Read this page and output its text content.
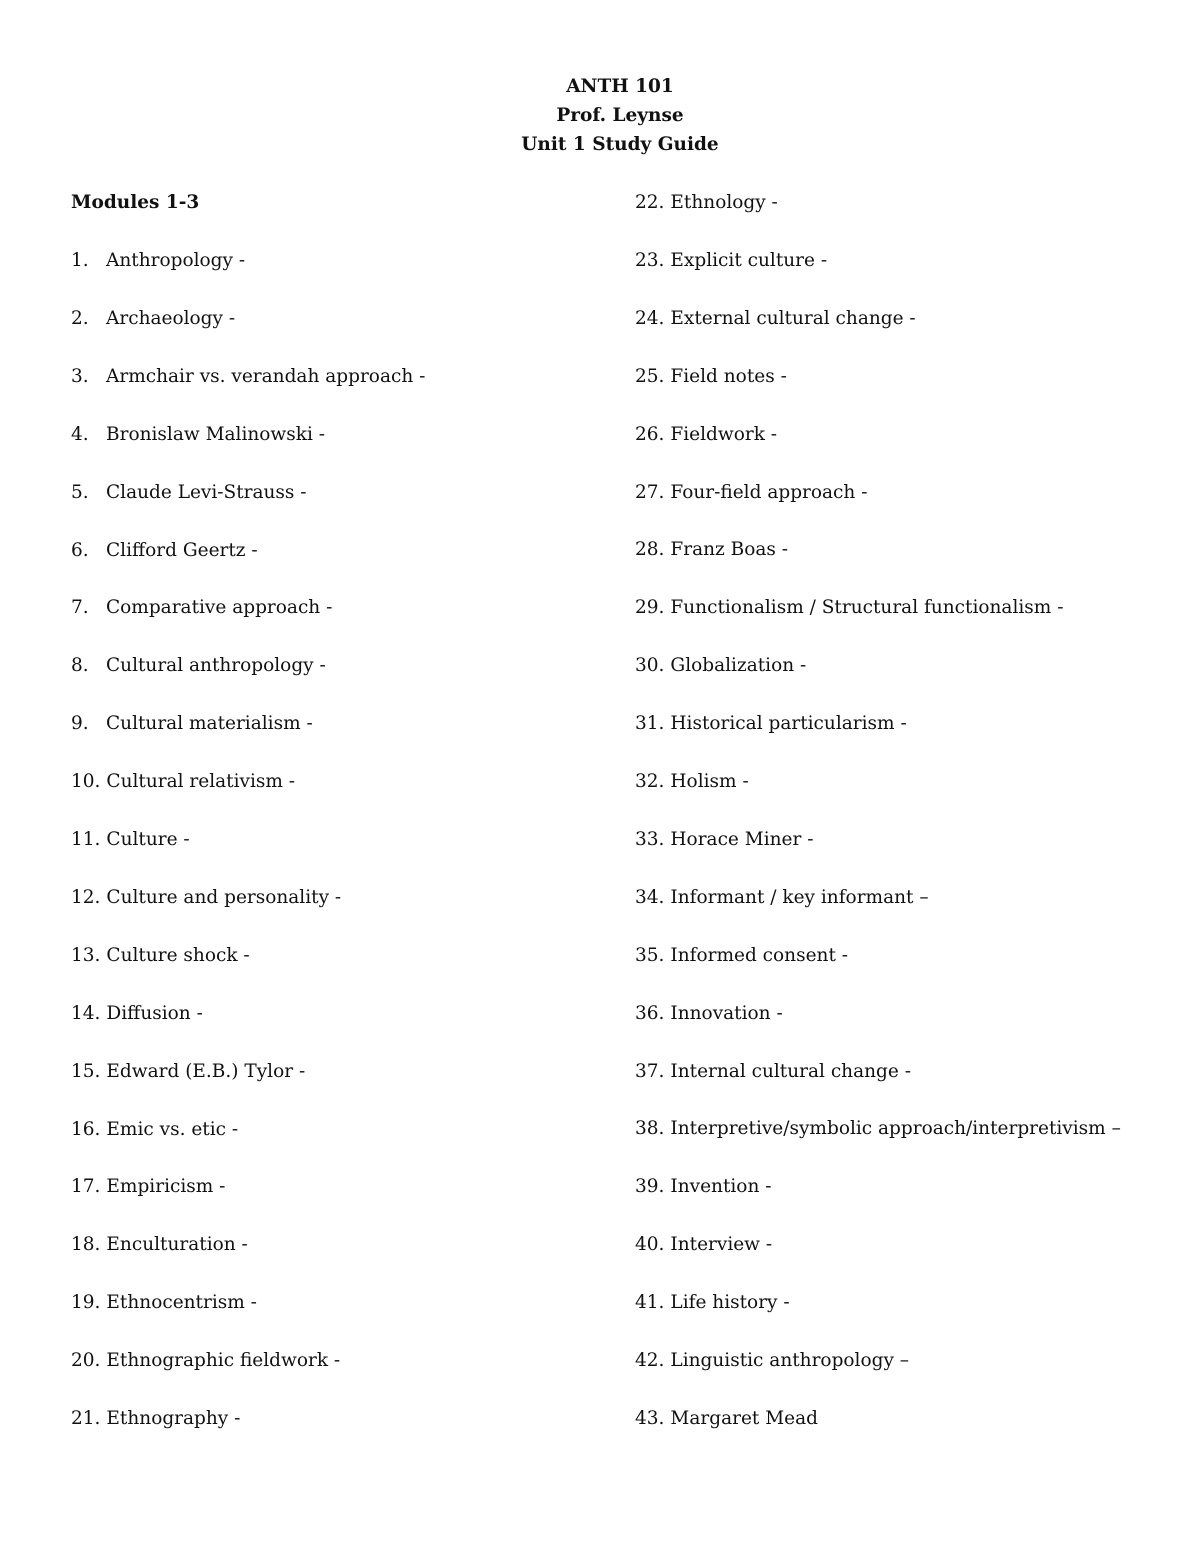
ANTH 101
Prof. Leynse
Unit 1 Study Guide
Modules 1-3
1. Anthropology -
2. Archaeology -
3. Armchair vs. verandah approach -
4. Bronislaw Malinowski -
5. Claude Levi-Strauss -
6. Clifford Geertz -
7. Comparative approach -
8. Cultural anthropology -
9. Cultural materialism -
10. Cultural relativism -
11. Culture -
12. Culture and personality -
13. Culture shock -
14. Diffusion -
15. Edward (E.B.) Tylor -
16. Emic vs. etic -
17. Empiricism -
18. Enculturation -
19. Ethnocentrism -
20. Ethnographic fieldwork -
21. Ethnography -
22. Ethnology -
23. Explicit culture -
24. External cultural change -
25. Field notes -
26. Fieldwork -
27. Four-field approach -
28. Franz Boas -
29. Functionalism / Structural functionalism -
30. Globalization -
31. Historical particularism -
32. Holism -
33. Horace Miner -
34. Informant / key informant –
35. Informed consent -
36. Innovation -
37. Internal cultural change -
38. Interpretive/symbolic approach/interpretivism –
39. Invention -
40. Interview -
41. Life history -
42. Linguistic anthropology –
43. Margaret Mead
